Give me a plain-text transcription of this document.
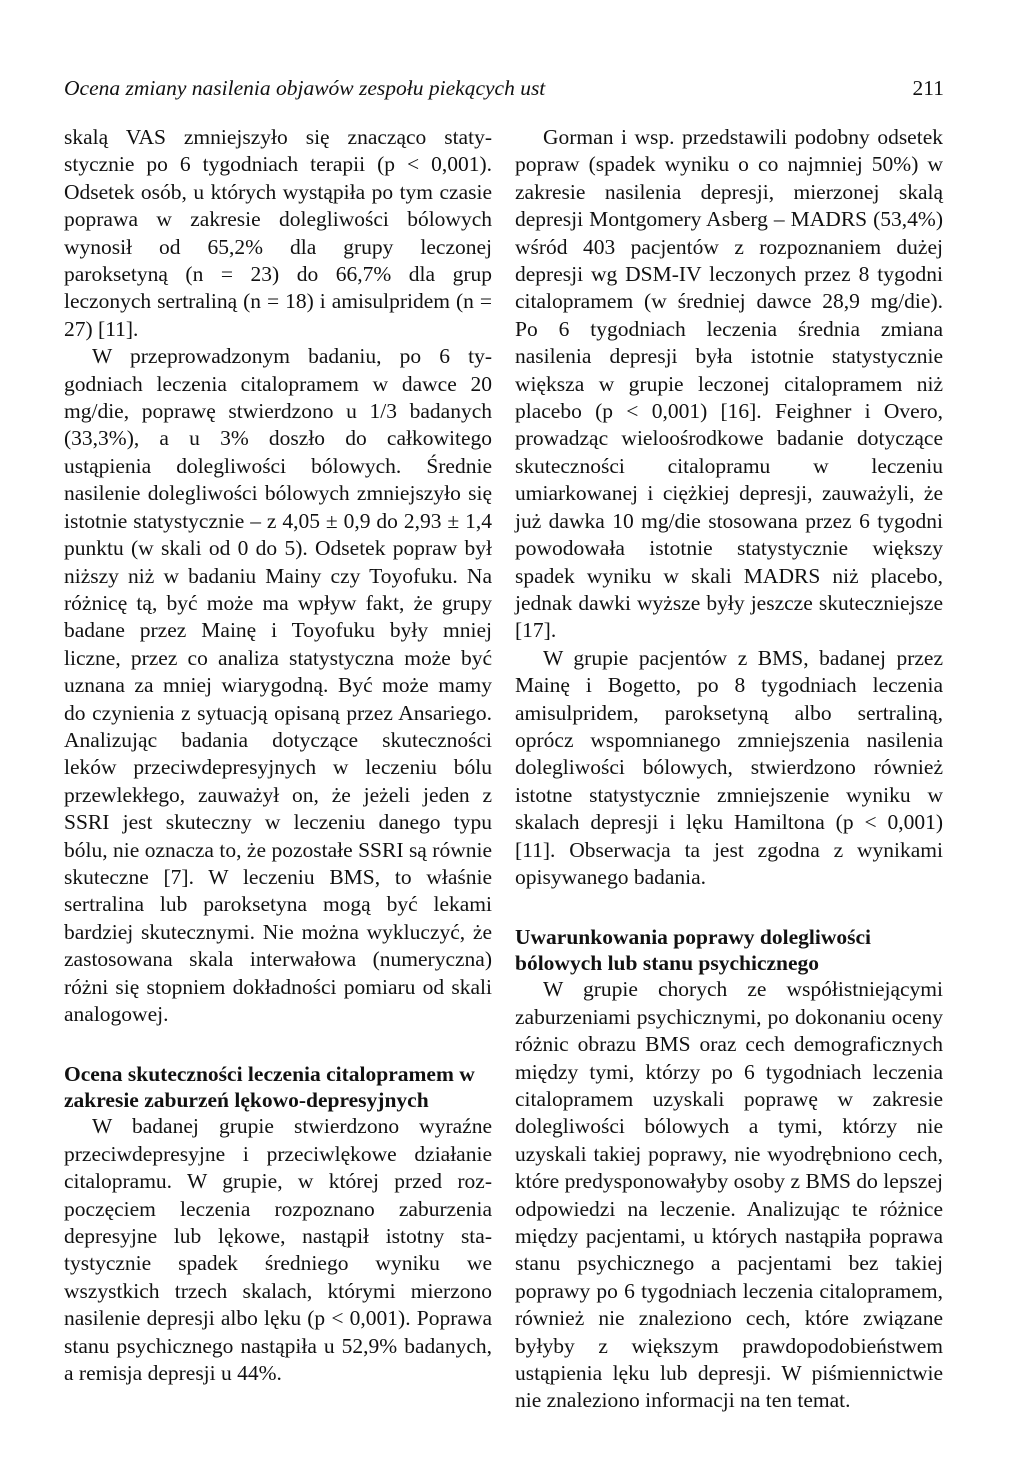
Ocena zmiany nasilenia objawów zespołu piekących ust	211

skalą VAS zmniejszyło się znacząco statystycznie po 6 tygodniach terapii (p < 0,001). Odsetek osób, u których wystąpiła po tym czasie poprawa w zakresie dolegliwości bólowych wynosił od 65,2% dla grupy leczonej paroksetyną (n = 23) do 66,7% dla grup leczonych sertraliną (n = 18) i amisulpridem (n = 27) [11].

W przeprowadzonym badaniu, po 6 tygodniach leczenia citalopramem w dawce 20 mg/die, poprawę stwierdzono u 1/3 badanych (33,3%), a u 3% doszło do całkowitego ustąpienia dolegliwości bólowych. Średnie nasilenie dolegliwości bólowych zmniejszyło się istotnie statystycznie – z 4,05 ± 0,9 do 2,93 ± 1,4 punktu (w skali od 0 do 5). Odsetek popraw był niższy niż w badaniu Mainy czy Toyofuku. Na różnicę tą, być może ma wpływ fakt, że grupy badane przez Mainę i Toyofuku były mniej liczne, przez co analiza statystyczna może być uznana za mniej wiarygodną. Być może mamy do czynienia z sytuacją opisaną przez Ansariego. Analizując badania dotyczące skuteczności leków przeciwdepresyjnych w leczeniu bólu przewlekłego, zauważył on, że jeżeli jeden z SSRI jest skuteczny w leczeniu danego typu bólu, nie oznacza to, że pozostałe SSRI są równie skuteczne [7]. W leczeniu BMS, to właśnie sertralina lub paroksetyna mogą być lekami bardziej skutecznymi. Nie można wykluczyć, że zastosowana skala interwałowa (numeryczna) różni się stopniem dokładności pomiaru od skali analogowej.

Ocena skuteczności leczenia citalopramem w zakresie zaburzeń lękowo-depresyjnych

W badanej grupie stwierdzono wyraźne przeciwdepresyjne i przeciwlękowe działanie citalopramu. W grupie, w której przed rozpoczęciem leczenia rozpoznano zaburzenia depresyjne lub lękowe, nastąpił istotny statystycznie spadek średniego wyniku we wszystkich trzech skalach, którymi mierzono nasilenie depresji albo lęku (p < 0,001). Poprawa stanu psychicznego nastąpiła u 52,9% badanych, a remisja depresji u 44%.

Gorman i wsp. przedstawili podobny odsetek popraw (spadek wyniku o co najmniej 50%) w zakresie nasilenia depresji, mierzonej skalą depresji Montgomery Asberg – MADRS (53,4%) wśród 403 pacjentów z rozpoznaniem dużej depresji wg DSM-IV leczonych przez 8 tygodni citalopramem (w średniej dawce 28,9 mg/die). Po 6 tygodniach leczenia średnia zmiana nasilenia depresji była istotnie statystycznie większa w grupie leczonej citalopramem niż placebo (p < 0,001) [16]. Feighner i Overo, prowadząc wieloośrodkowe badanie dotyczące skuteczności citalopramu w leczeniu umiarkowanej i ciężkiej depresji, zauważyli, że już dawka 10 mg/die stosowana przez 6 tygodni powodowała istotnie statystycznie większy spadek wyniku w skali MADRS niż placebo, jednak dawki wyższe były jeszcze skuteczniejsze [17].

W grupie pacjentów z BMS, badanej przez Mainę i Bogetto, po 8 tygodniach leczenia amisulpridem, paroksetyną albo sertraliną, oprócz wspomnianego zmniejszenia nasilenia dolegliwości bólowych, stwierdzono również istotne statystycznie zmniejszenie wyniku w skalach depresji i lęku Hamiltona (p < 0,001) [11]. Obserwacja ta jest zgodna z wynikami opisywanego badania.

Uwarunkowania poprawy dolegliwości bólowych lub stanu psychicznego

W grupie chorych ze współistniejącymi zaburzeniami psychicznymi, po dokonaniu oceny różnic obrazu BMS oraz cech demograficznych między tymi, którzy po 6 tygodniach leczenia citalopramem uzyskali poprawę w zakresie dolegliwości bólowych a tymi, którzy nie uzyskali takiej poprawy, nie wyodrębniono cech, które predysponowałyby osoby z BMS do lepszej odpowiedzi na leczenie. Analizując te różnice między pacjentami, u których nastąpiła poprawa stanu psychicznego a pacjentami bez takiej poprawy po 6 tygodniach leczenia citalopramem, również nie znaleziono cech, które związane byłyby z większym prawdopodobieństwem ustąpienia lęku lub depresji. W piśmiennictwie nie znaleziono informacji na ten temat.
